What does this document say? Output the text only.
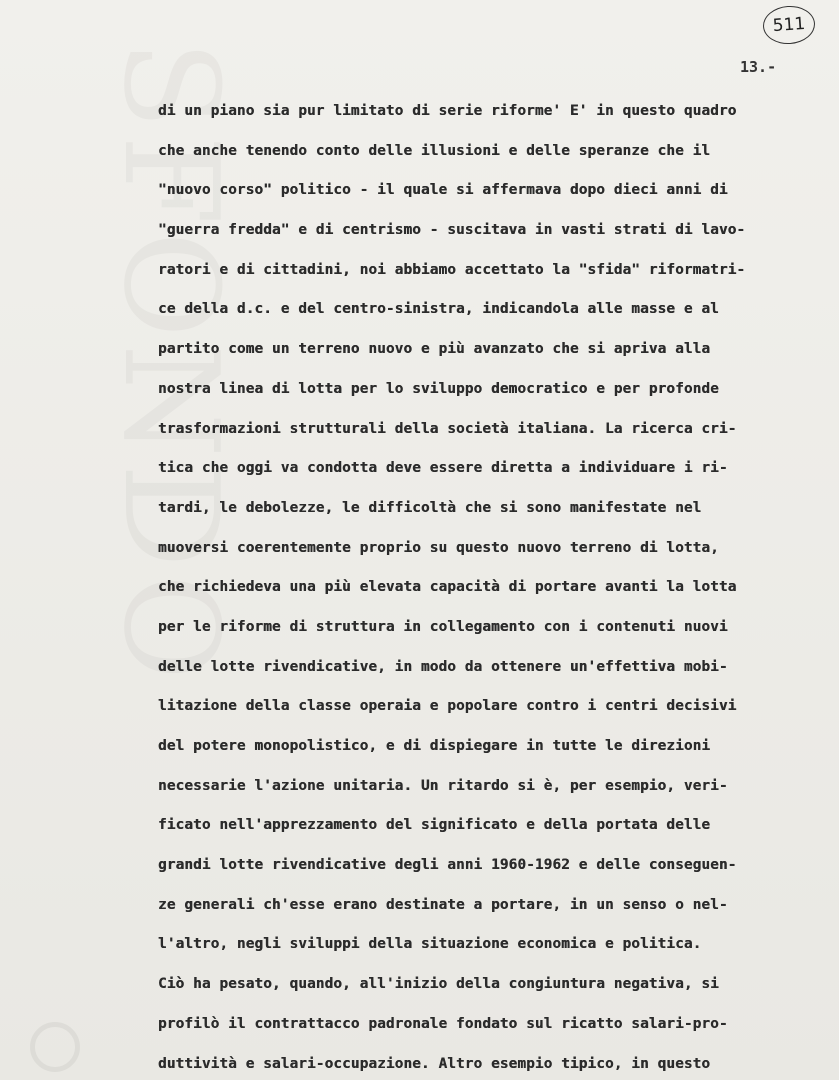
511
13.-
di un piano sia pur limitato di serie riforme' E' in questo quadro
che anche tenendo conto delle illusioni e delle speranze che il
"nuovo corso" politico - il quale si affermava dopo dieci anni di
"guerra fredda" e di centrismo - suscitava in vasti strati di lavo-
ratori e di cittadini, noi abbiamo accettato la "sfida" riformatri-
ce della d.c. e del centro-sinistra, indicandola alle masse e al
partito come un terreno nuovo e più avanzato che si apriva alla
nostra linea di lotta per lo sviluppo democratico e per profonde
trasformazioni strutturali della società italiana. La ricerca cri-
tica che oggi va condotta deve essere diretta a individuare i ri-
tardi, le debolezze, le difficoltà che si sono manifestate nel
muoversi coerentemente proprio su questo nuovo terreno di lotta,
che richiedeva una più elevata capacità di portare avanti la lotta
per le riforme di struttura in collegamento con i contenuti nuovi
delle lotte rivendicative, in modo da ottenere un'effettiva mobi-
litazione della classe operaia e popolare contro i centri decisivi
del potere monopolistico, e di dispiegare in tutte le direzioni
necessarie l'azione unitaria. Un ritardo si è, per esempio, veri-
ficato nell'apprezzamento del significato e della portata delle
grandi lotte rivendicative degli anni 1960-1962 e delle conseguen-
ze generali ch'esse erano destinate a portare, in un senso o nel-
l'altro, negli sviluppi della situazione economica e politica.
Ciò ha pesato, quando, all'inizio della congiuntura negativa, si
profilò il contrattacco padronale fondato sul ricatto salari-pro-
duttività e salari-occupazione. Altro esempio tipico, in questo
